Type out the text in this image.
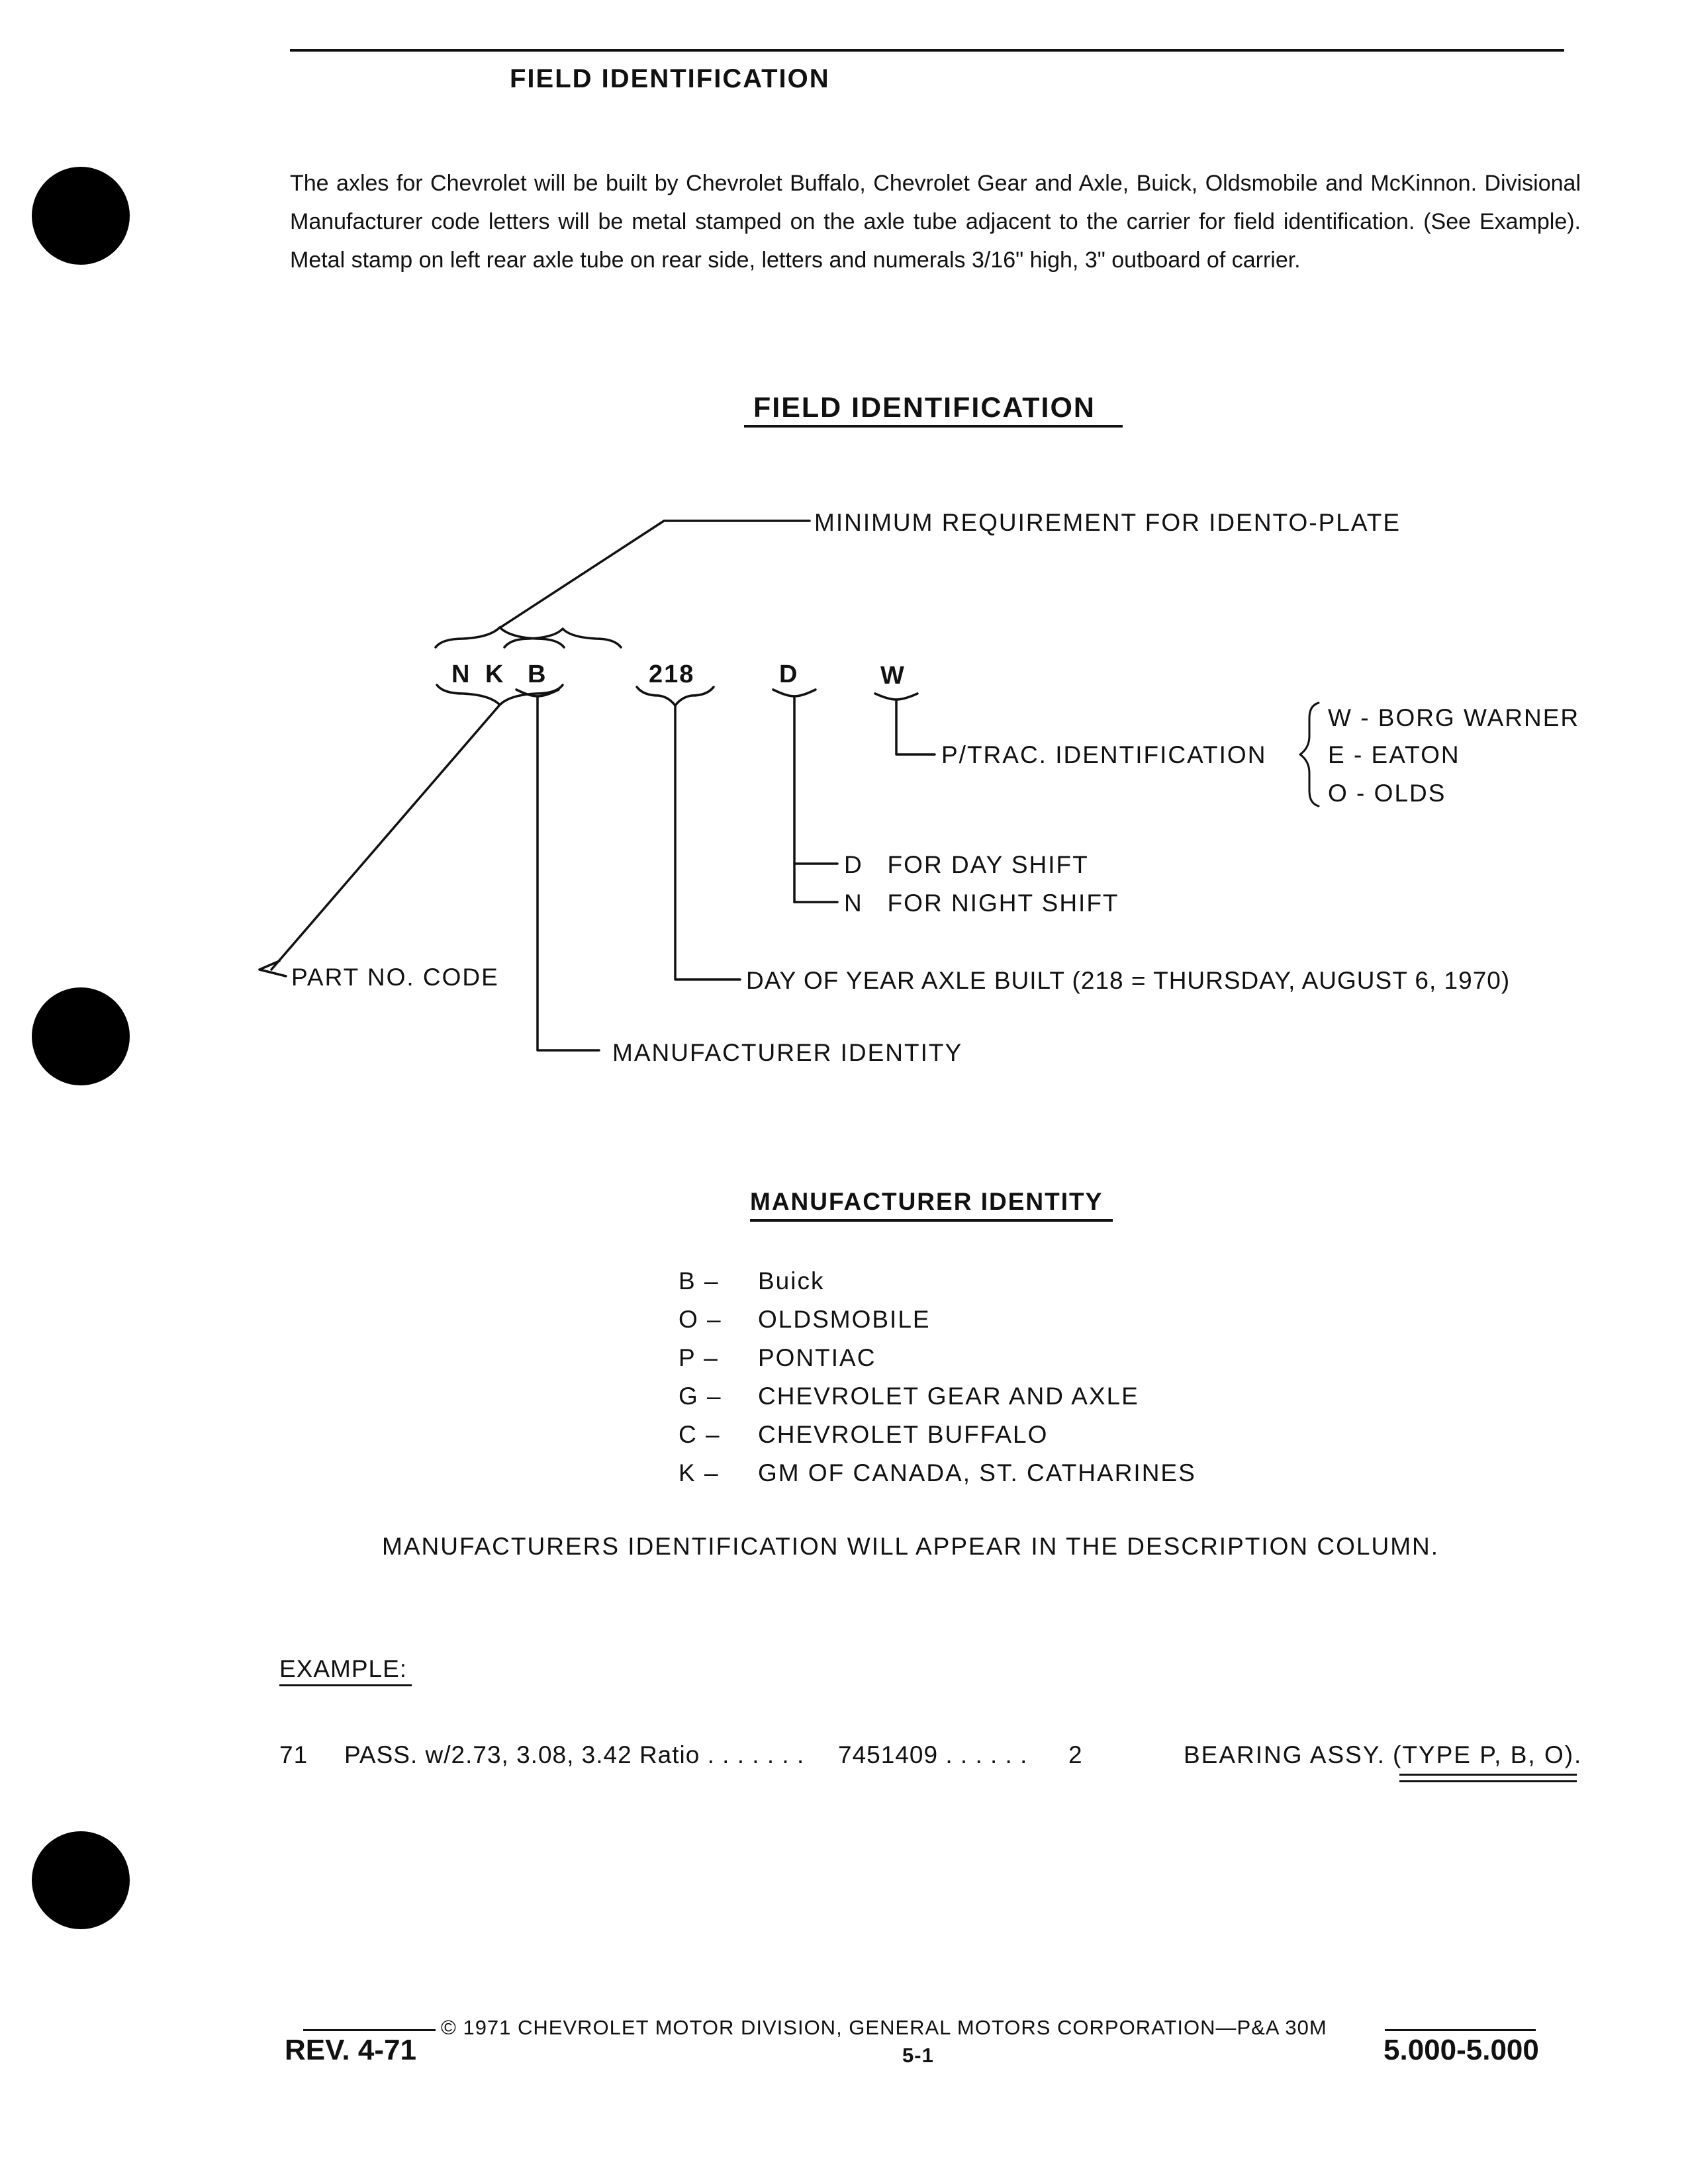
FIELD IDENTIFICATION
The axles for Chevrolet will be built by Chevrolet Buffalo, Chevrolet Gear and Axle, Buick, Oldsmobile and McKinnon. Divisional Manufacturer code letters will be metal stamped on the axle tube adjacent to the carrier for field identification. (See Example). Metal stamp on left rear axle tube on rear side, letters and numerals 3/16" high, 3" outboard of carrier.
FIELD IDENTIFICATION
N K B	218	D	W
MINIMUM REQUIREMENT FOR IDENTO-PLATE
P/TRAC. IDENTIFICATION
W - BORG WARNER
E - EATON
O - OLDS
D   FOR DAY SHIFT
N   FOR NIGHT SHIFT
PART NO. CODE	DAY OF YEAR AXLE BUILT (218 = THURSDAY, AUGUST 6, 1970)
MANUFACTURER IDENTITY
MANUFACTURER IDENTITY
B – Buick
O – OLDSMOBILE
P – PONTIAC
G – CHEVROLET GEAR AND AXLE
C – CHEVROLET BUFFALO
K – GM OF CANADA, ST. CATHARINES
MANUFACTURERS IDENTIFICATION WILL APPEAR IN THE DESCRIPTION COLUMN.
EXAMPLE:
71 PASS. w/2.73, 3.08, 3.42 Ratio . . . . . . . 7451409 . . . . . . 2	BEARING ASSY. (TYPE P, B, O).
© 1971 CHEVROLET MOTOR DIVISION, GENERAL MOTORS CORPORATION—P&A 30M
REV. 4-71	5-1	5.000-5.000
